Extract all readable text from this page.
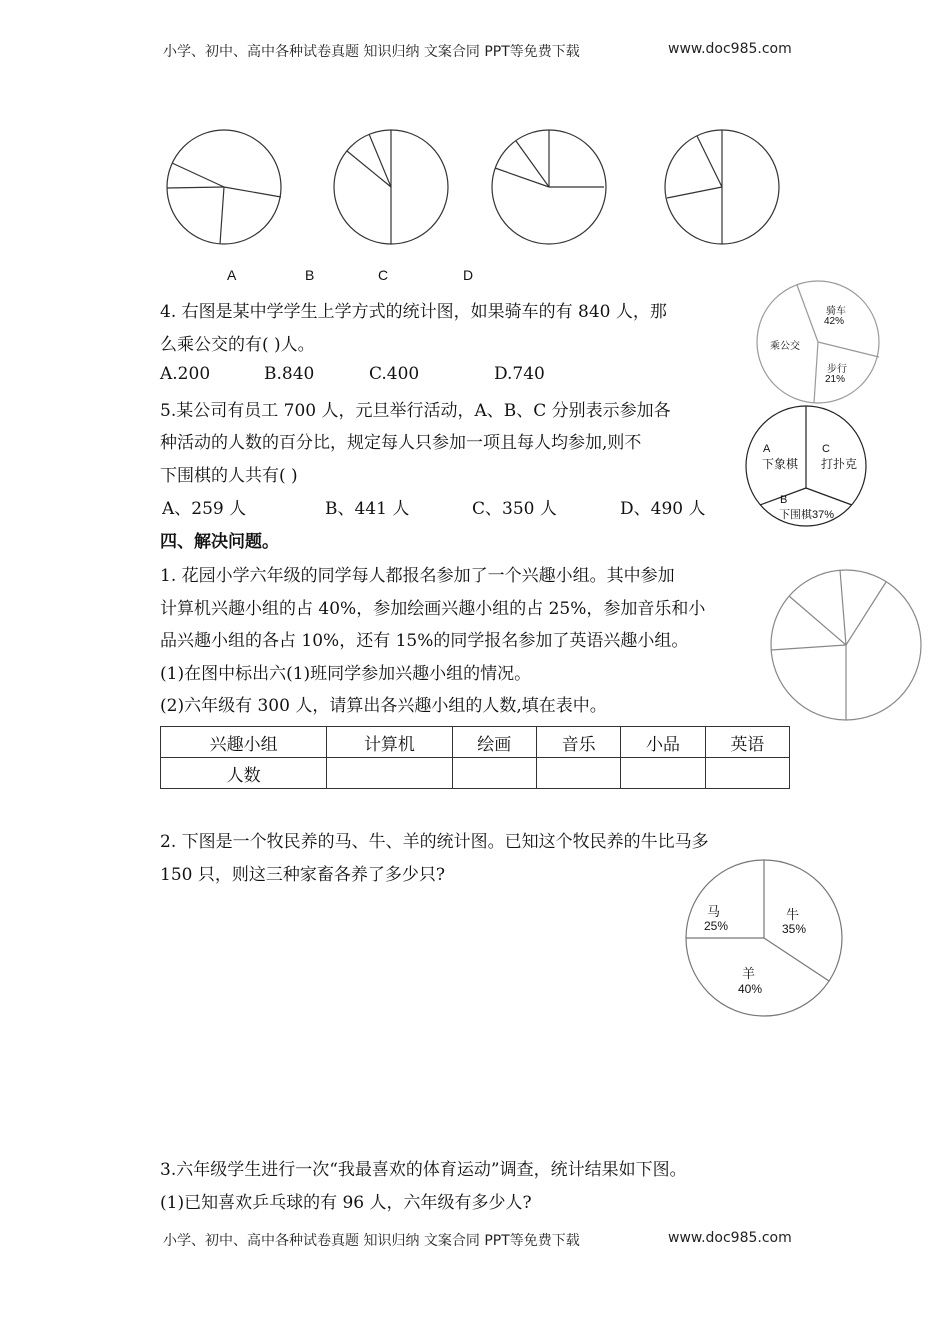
小学、初中、高中各种试卷真题 知识归纳 文案合同 PPT等免费下载	www.doc985.com
A	B	C	D
4. 右图是某中学学生上学方式的统计图，如果骑车的有 840 人，那
么乘公交的有( )人。
A.200	B.840	C.400	D.740
骑车
42%
乘公交
步行
21%
5.某公司有员工 700 人，元旦举行活动，A、B、C 分别表示参加各
种活动的人数的百分比，规定每人只参加一项且每人均参加,则不
下围棋的人共有( )
A、259 人	B、441 人	C、350 人	D、490 人
A
下象棋
C
打扑克
B
下围棋37%
四、解决问题。
1. 花园小学六年级的同学每人都报名参加了一个兴趣小组。其中参加
计算机兴趣小组的占 40%，参加绘画兴趣小组的占 25%，参加音乐和小
品兴趣小组的各占 10%，还有 15%的同学报名参加了英语兴趣小组。
(1)在图中标出六(1)班同学参加兴趣小组的情况。
(2)六年级有 300 人，请算出各兴趣小组的人数,填在表中。
兴趣小组	计算机	绘画	音乐	小品	英语
人数					
2. 下图是一个牧民养的马、牛、羊的统计图。已知这个牧民养的牛比马多
150 只，则这三种家畜各养了多少只?
马
25%
牛
35%
羊
40%
3.六年级学生进行一次“我最喜欢的体育运动”调查，统计结果如下图。
(1)已知喜欢乒乓球的有 96 人，六年级有多少人?
小学、初中、高中各种试卷真题 知识归纳 文案合同 PPT等免费下载	www.doc985.com
